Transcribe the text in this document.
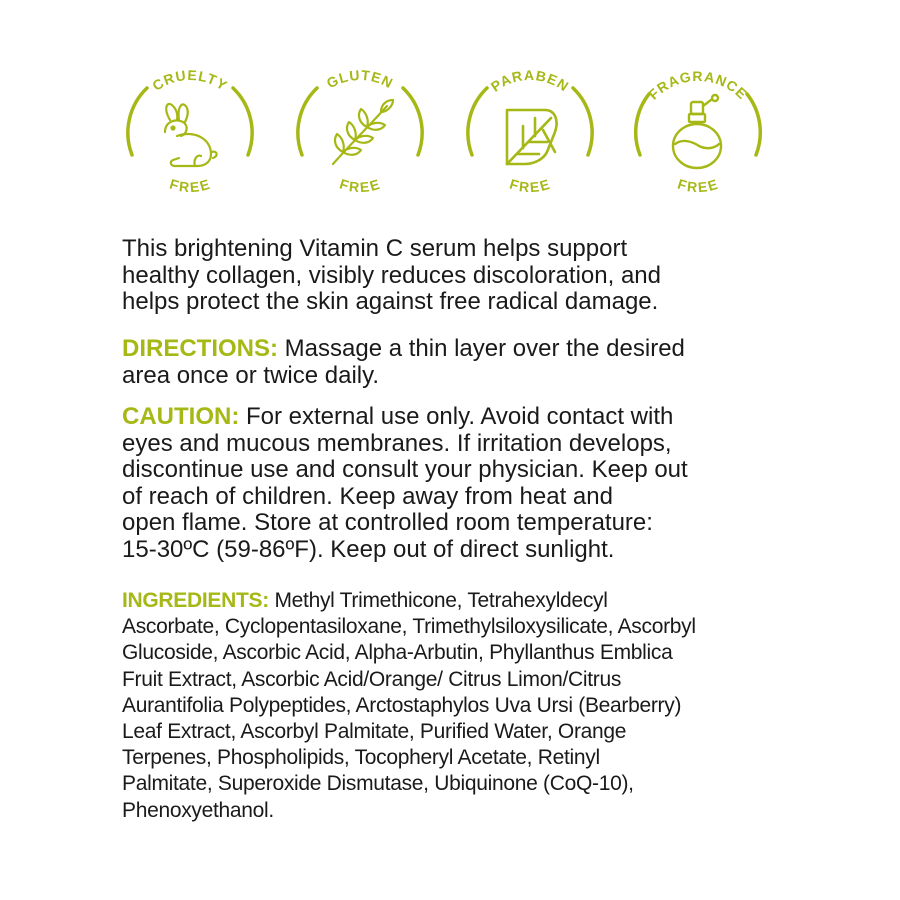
CRUELTY
FREE
GLUTEN
FREE
PARABEN
FREE
FRAGRANCE
FREE

This brightening Vitamin C serum helps support
healthy collagen, visibly reduces discoloration, and
helps protect the skin against free radical damage.

DIRECTIONS: Massage a thin layer over the desired
area once or twice daily.

CAUTION: For external use only. Avoid contact with
eyes and mucous membranes. If irritation develops,
discontinue use and consult your physician. Keep out
of reach of children. Keep away from heat and
open flame. Store at controlled room temperature:
15-30ºC (59-86ºF). Keep out of direct sunlight.

INGREDIENTS: Methyl Trimethicone, Tetrahexyldecyl
Ascorbate, Cyclopentasiloxane, Trimethylsiloxysilicate, Ascorbyl
Glucoside, Ascorbic Acid, Alpha-Arbutin, Phyllanthus Emblica
Fruit Extract, Ascorbic Acid/Orange/ Citrus Limon/Citrus
Aurantifolia Polypeptides, Arctostaphylos Uva Ursi (Bearberry)
Leaf Extract, Ascorbyl Palmitate, Purified Water, Orange
Terpenes, Phospholipids, Tocopheryl Acetate, Retinyl
Palmitate, Superoxide Dismutase, Ubiquinone (CoQ-10),
Phenoxyethanol.
